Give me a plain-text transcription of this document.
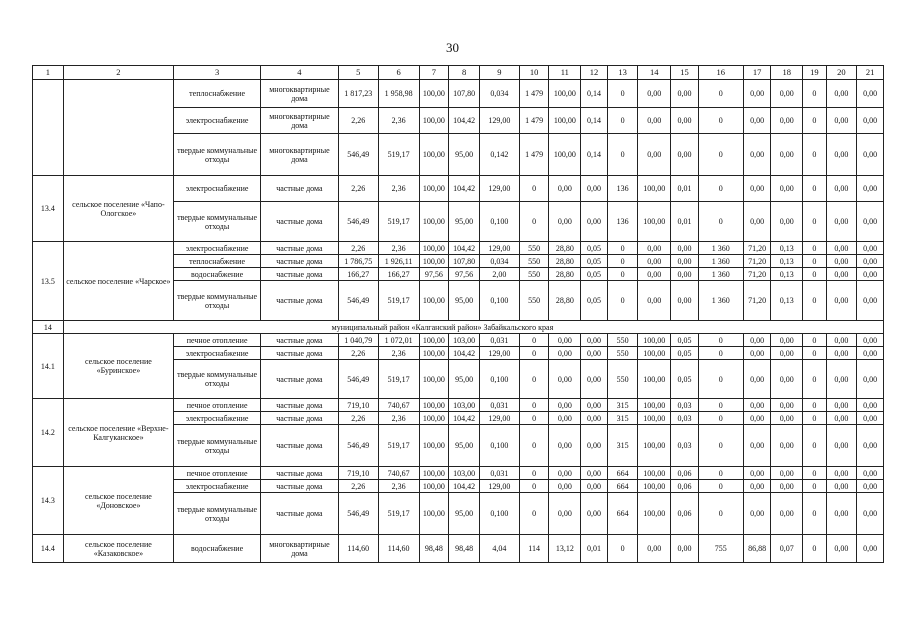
30
1	2	3	4	5	6	7	8	9	10	11	12	13	14	15	16	17	18	19	20	21
		теплоснабжение	многоквартирные дома	1 817,23	1 958,98	100,00	107,80	0,034	1 479	100,00	0,14	0	0,00	0,00	0	0,00	0,00	0	0,00	0,00
		электроснабжение	многоквартирные дома	2,26	2,36	100,00	104,42	129,00	1 479	100,00	0,14	0	0,00	0,00	0	0,00	0,00	0	0,00	0,00
		твердые коммунальные отходы	многоквартирные дома	546,49	519,17	100,00	95,00	0,142	1 479	100,00	0,14	0	0,00	0,00	0	0,00	0,00	0	0,00	0,00
13.4	сельское поселение «Чапо-Ологское»	электроснабжение	частные дома	2,26	2,36	100,00	104,42	129,00	0	0,00	0,00	136	100,00	0,01	0	0,00	0,00	0	0,00	0,00
		твердые коммунальные отходы	частные дома	546,49	519,17	100,00	95,00	0,100	0	0,00	0,00	136	100,00	0,01	0	0,00	0,00	0	0,00	0,00
13.5	сельское поселение «Чарское»	электроснабжение	частные дома	2,26	2,36	100,00	104,42	129,00	550	28,80	0,05	0	0,00	0,00	1 360	71,20	0,13	0	0,00	0,00
		теплоснабжение	частные дома	1 786,75	1 926,11	100,00	107,80	0,034	550	28,80	0,05	0	0,00	0,00	1 360	71,20	0,13	0	0,00	0,00
		водоснабжение	частные дома	166,27	166,27	97,56	97,56	2,00	550	28,80	0,05	0	0,00	0,00	1 360	71,20	0,13	0	0,00	0,00
		твердые коммунальные отходы	частные дома	546,49	519,17	100,00	95,00	0,100	550	28,80	0,05	0	0,00	0,00	1 360	71,20	0,13	0	0,00	0,00
14	муниципальный район «Калганский район» Забайкальского края																			
14.1	сельское поселение «Буринское»	печное отопление	частные дома	1 040,79	1 072,01	100,00	103,00	0,031	0	0,00	0,00	550	100,00	0,05	0	0,00	0,00	0	0,00	0,00
		электроснабжение	частные дома	2,26	2,36	100,00	104,42	129,00	0	0,00	0,00	550	100,00	0,05	0	0,00	0,00	0	0,00	0,00
		твердые коммунальные отходы	частные дома	546,49	519,17	100,00	95,00	0,100	0	0,00	0,00	550	100,00	0,05	0	0,00	0,00	0	0,00	0,00
14.2	сельское поселение «Верхне-Калгуканское»	печное отопление	частные дома	719,10	740,67	100,00	103,00	0,031	0	0,00	0,00	315	100,00	0,03	0	0,00	0,00	0	0,00	0,00
		электроснабжение	частные дома	2,26	2,36	100,00	104,42	129,00	0	0,00	0,00	315	100,00	0,03	0	0,00	0,00	0	0,00	0,00
		твердые коммунальные отходы	частные дома	546,49	519,17	100,00	95,00	0,100	0	0,00	0,00	315	100,00	0,03	0	0,00	0,00	0	0,00	0,00
14.3	сельское поселение «Доновское»	печное отопление	частные дома	719,10	740,67	100,00	103,00	0,031	0	0,00	0,00	664	100,00	0,06	0	0,00	0,00	0	0,00	0,00
		электроснабжение	частные дома	2,26	2,36	100,00	104,42	129,00	0	0,00	0,00	664	100,00	0,06	0	0,00	0,00	0	0,00	0,00
		твердые коммунальные отходы	частные дома	546,49	519,17	100,00	95,00	0,100	0	0,00	0,00	664	100,00	0,06	0	0,00	0,00	0	0,00	0,00
14.4	сельское поселение «Казаковское»	водоснабжение	многоквартирные дома	114,60	114,60	98,48	98,48	4,04	114	13,12	0,01	0	0,00	0,00	755	86,88	0,07	0	0,00	0,00
